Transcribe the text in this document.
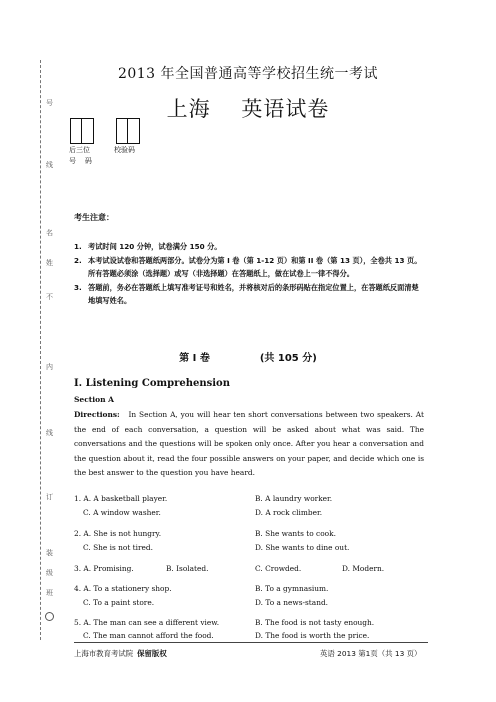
号
线
名
姓
不
内
线
订
装
级
班
2013 年全国普通高等学校招生统一考试
上海    英语试卷
后三位
号    码
校验码
考生注意：
1. 考试时间 120 分钟，试卷满分 150 分。
2. 本考试设试卷和答题纸两部分。试卷分为第 I 卷（第 1-12 页）和第 II 卷（第 13 页），全卷共 13 页。所有答题必须涂（选择题）或写（非选择题）在答题纸上，做在试卷上一律不得分。
3. 答题前，务必在答题纸上填写准考证号和姓名，并将核对后的条形码贴在指定位置上，在答题纸反面清楚地填写姓名。
第 I 卷	(共 105 分)
I. Listening Comprehension
Section A
Directions: In Section A, you will hear ten short conversations between two speakers. At the end of each conversation, a question will be asked about what was said. The conversations and the questions will be spoken only once. After you hear a conversation and the question about it, read the four possible answers on your paper, and decide which one is the best answer to the question you have heard.
1. A. A basketball player.	B. A laundry worker.
C. A window washer.	D. A rock climber.
2. A. She is not hungry.	B. She wants to cook.
C. She is not tired.	D. She wants to dine out.
3. A. Promising.	B. Isolated.	C. Crowded.	D. Modern.
4. A. To a stationery shop.	B. To a gymnasium.
C. To a paint store.	D. To a news-stand.
5. A. The man can see a different view.	B. The food is not tasty enough.
C. The man cannot afford the food.	D. The food is worth the price.
上海市教育考试院 保留版权	英语 2013 第1页（共 13 页）
